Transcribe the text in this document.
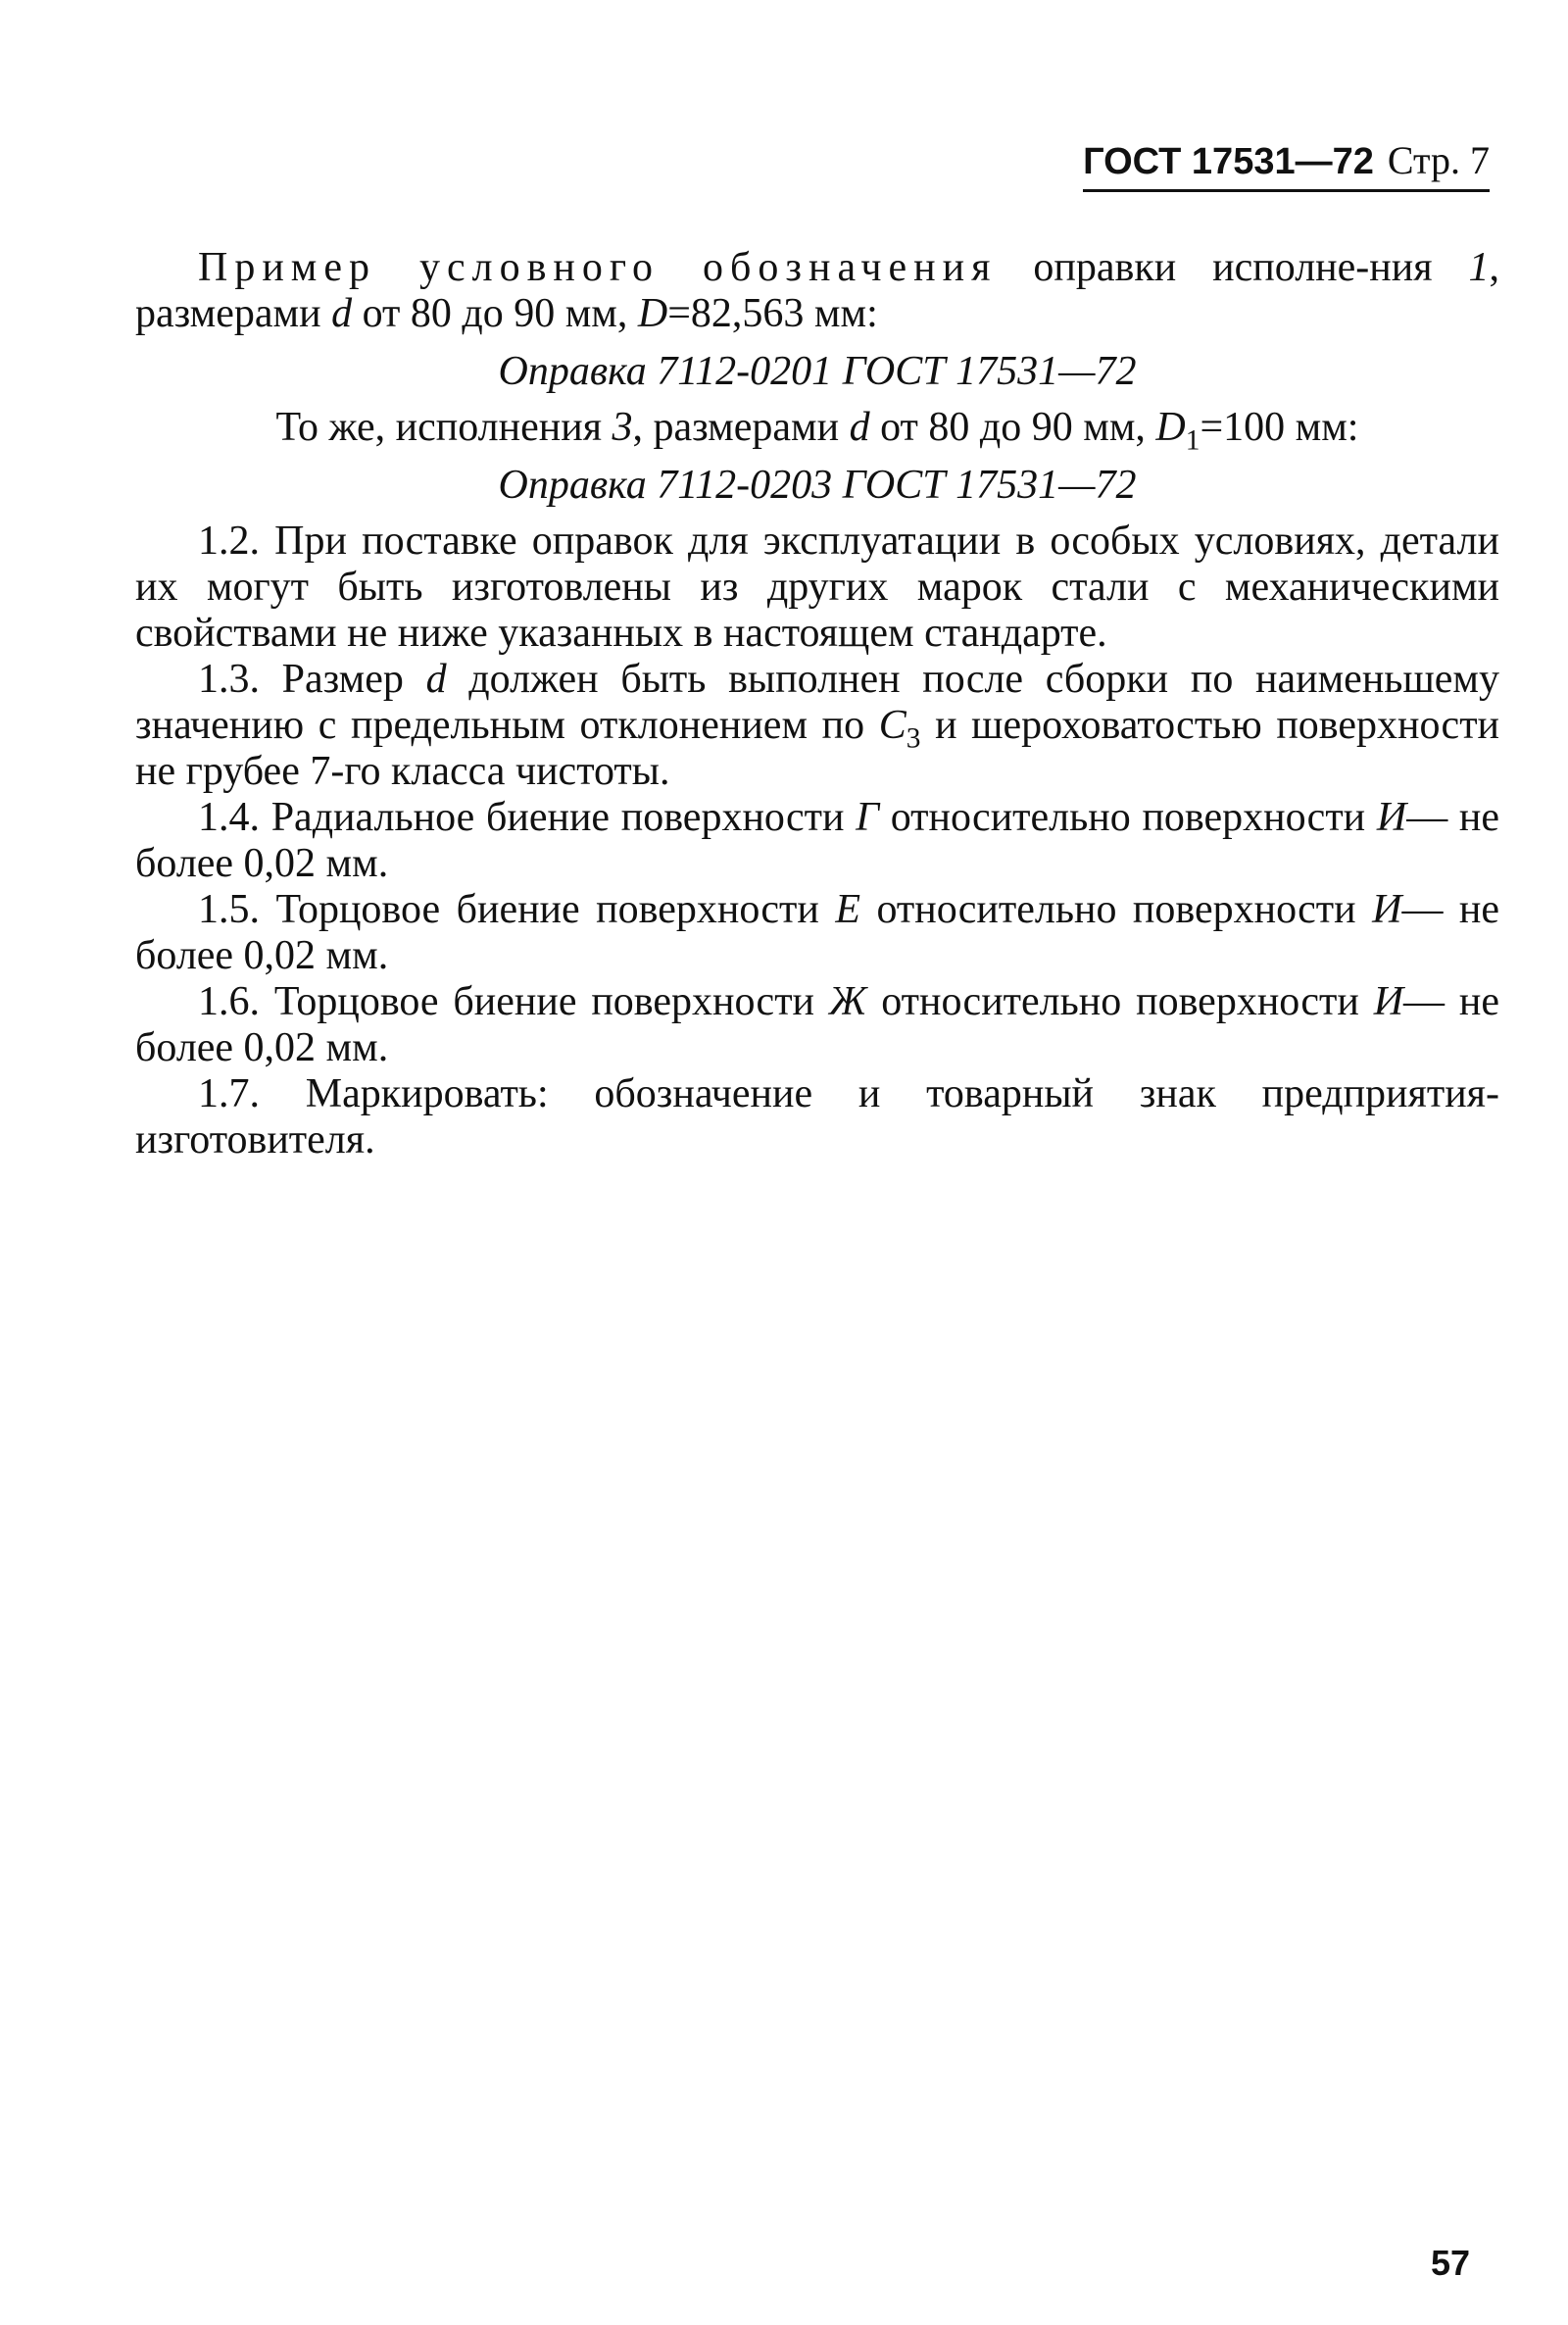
ГОСТ 17531—72 Стр. 7

Пример условного обозначения оправки исполне-ния 1, размерами d от 80 до 90 мм, D=82,563 мм:

Оправка 7112-0201 ГОСТ 17531—72

То же, исполнения 3, размерами d от 80 до 90 мм, $D_1=100$ мм:

Оправка 7112-0203 ГОСТ 17531—72

1.2. При поставке оправок для эксплуатации в особых условиях, детали их могут быть изготовлены из других марок стали с механическими свойствами не ниже указанных в настоящем стандарте.

1.3. Размер d должен быть выполнен после сборки по наименьшему значению с предельным отклонением по $C_3$ и шероховатостью поверхности не грубее 7-го класса чистоты.

1.4. Радиальное биение поверхности Г относительно поверхности И— не более 0,02 мм.

1.5. Торцовое биение поверхности Е относительно поверхности И— не более 0,02 мм.

1.6. Торцовое биение поверхности Ж относительно поверхности И— не более 0,02 мм.

1.7. Маркировать: обозначение и товарный знак предприятия-изготовителя.

57
